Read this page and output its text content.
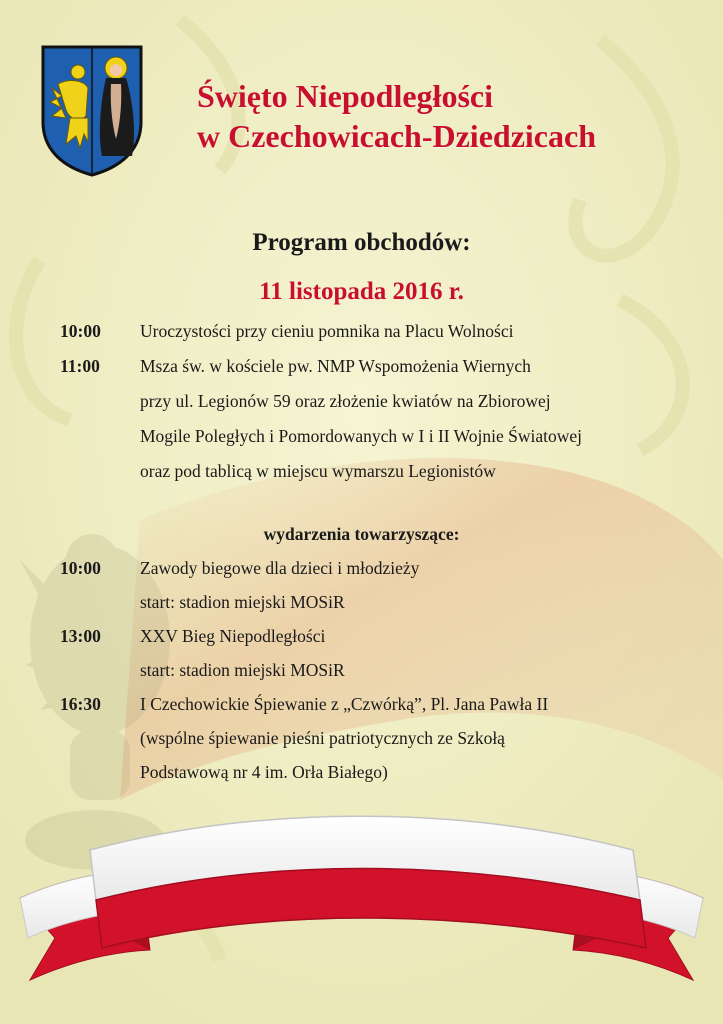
Święto Niepodległości
w Czechowicach-Dziedzicach
Program obchodów:
11 listopada 2016 r.
10:00	Uroczystości przy cieniu pomnika na Placu Wolności
11:00	Msza św. w kościele pw. NMP Wspomożenia Wiernych
przy ul. Legionów 59 oraz złożenie kwiatów na Zbiorowej
Mogile Poległych i Pomordowanych w I i II Wojnie Światowej
oraz pod tablicą w miejscu wymarszu Legionistów
wydarzenia towarzyszące:
10:00	Zawody biegowe dla dzieci i młodzieży
start: stadion miejski MOSiR
13:00	XXV Bieg Niepodległości
start: stadion miejski MOSiR
16:30	I Czechowickie Śpiewanie z „Czwórką”, Pl. Jana Pawła II
(wspólne śpiewanie pieśni patriotycznych ze Szkołą
Podstawową nr 4 im. Orła Białego)
